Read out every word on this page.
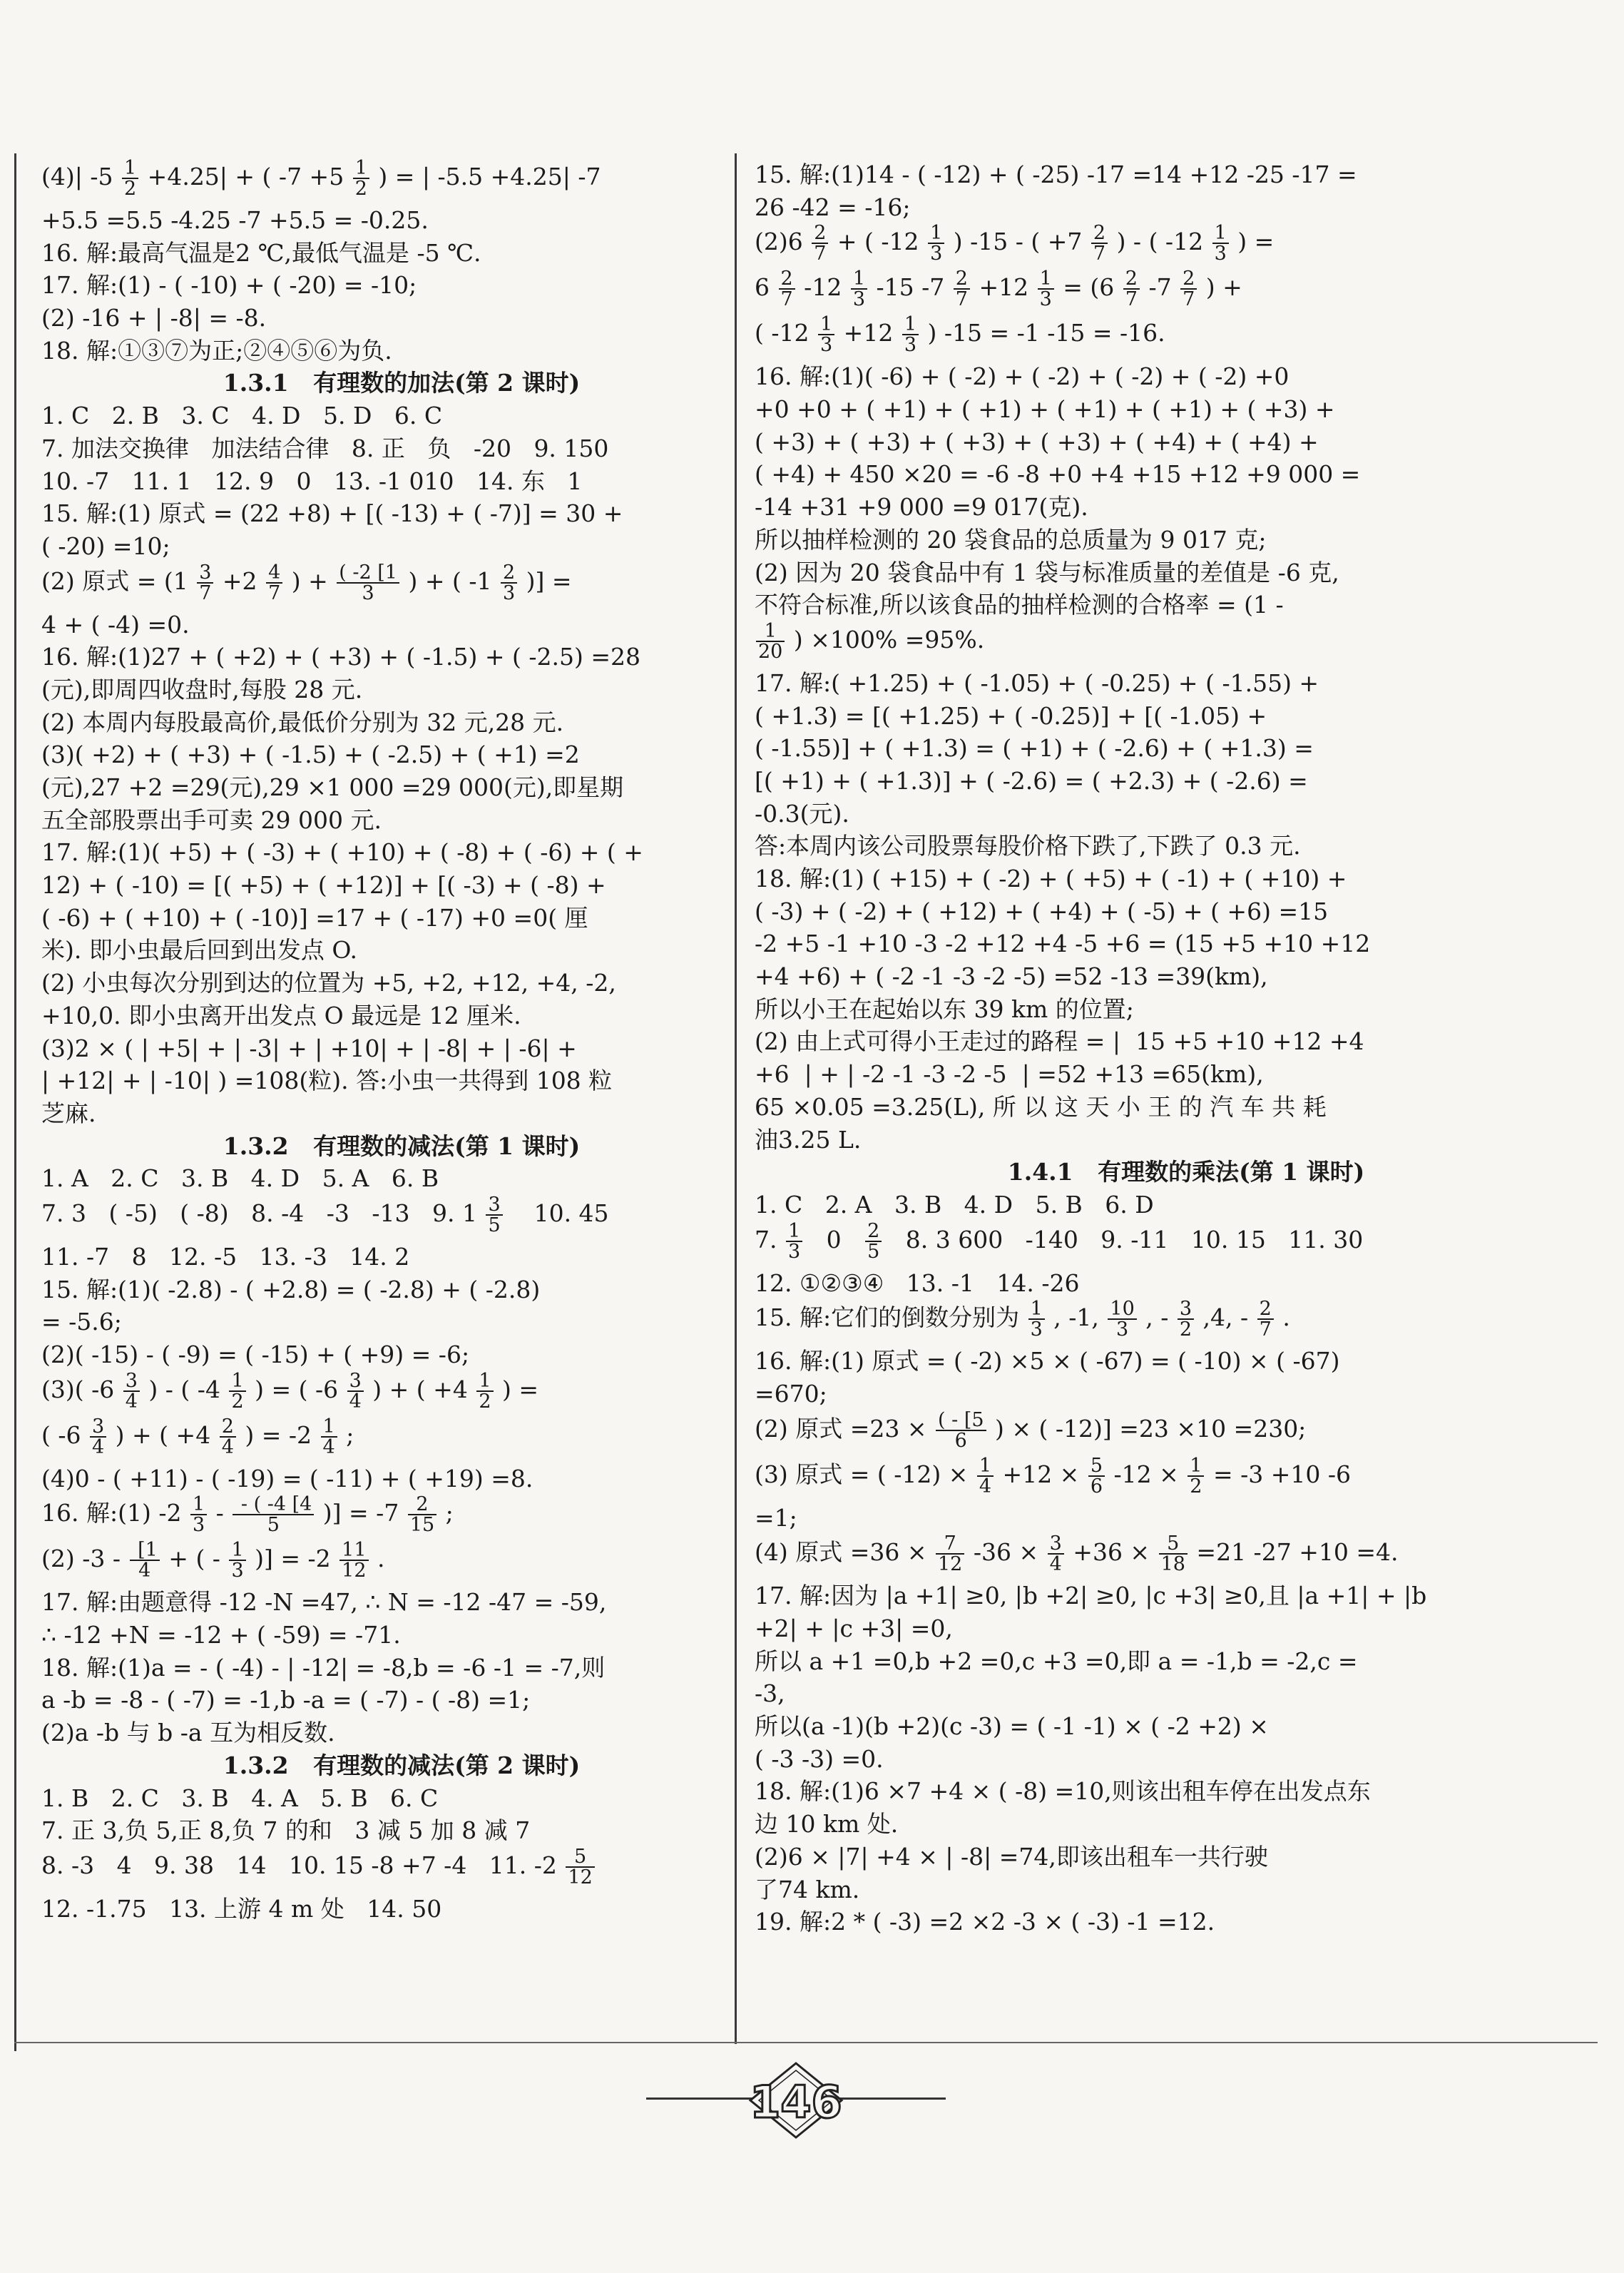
(4)| $-5 \frac{1}{2} +4.25|$ + ( $-7 +5 \frac{1}{2}$ ) = | -5.5 +4.25| -7
+5.5 =5.5 -4.25 -7 +5.5 = -0.25.
16. 解:最高气温是2 ℃,最低气温是 -5 ℃.
17. 解:(1) - ( -10) + ( -20) = -10;
(2) -16 + | -8| = -8.
18. 解:①③⑦为正;②④⑤⑥为负.
1.3.1   有理数的加法(第 2 课时)
1. C   2. B   3. C   4. D   5. D   6. C
7. 加法交换律   加法结合律   8. 正   负   -20   9. 150
10. -7   11. 1   12. 9   0   13. -1 010   14. 东   1
15. 解:(1) 原式 = (22 +8) + [( -13) + ( -7)] = 30 +
( -20) =10;
(2) 原式 = ($1 \frac{3}{7} +2 \frac{4}{7}$ ) + $\frac{( -2 [1}{3}$ ) + ( $-1 \frac{2}{3}$ )] =
4 + ( -4) =0.
16. 解:(1)27 + ( +2) + ( +3) + ( -1.5) + ( -2.5) =28
(元),即周四收盘时,每股 28 元.
(2) 本周内每股最高价,最低价分别为 32 元,28 元.
(3)( +2) + ( +3) + ( -1.5) + ( -2.5) + ( +1) =2
(元),27 +2 =29(元),29 ×1 000 =29 000(元),即星期
五全部股票出手可卖 29 000 元.
17. 解:(1)( +5) + ( -3) + ( +10) + ( -8) + ( -6) + ( +
12) + ( -10) = [( +5) + ( +12)] + [( -3) + ( -8) +
( -6) + ( +10) + ( -10)] =17 + ( -17) +0 =0( 厘
米). 即小虫最后回到出发点 O.
(2) 小虫每次分别到达的位置为 +5, +2, +12, +4, -2,
+10,0. 即小虫离开出发点 O 最远是 12 厘米.
(3)2 × ( | +5| + | -3| + | +10| + | -8| + | -6| +
| +12| + | -10| ) =108(粒). 答:小虫一共得到 108 粒
芝麻.
1.3.2   有理数的减法(第 1 课时)
1. A   2. C   3. B   4. D   5. A   6. B
7. 3   ( -5)   ( -8)   8. -4   -3   -13   9. $1 \frac{3}{5} 10$. 45
11. -7   8   12. -5   13. -3   14. 2
15. 解:(1)( -2.8) - ( +2.8) = ( -2.8) + ( -2.8)
= -5.6;
(2)( -15) - ( -9) = ( -15) + ( +9) = -6;
(3)( $-6 \frac{3}{4}$ ) - ( $-4 \frac{1}{2}$ ) = ( $-6 \frac{3}{4}$ ) + ( $+4 \frac{1}{2}$ ) =
( $-6 \frac{3}{4}$ ) + ( $+4 \frac{2}{4}$ ) = $-2 \frac{1}{4}$ ;
(4)0 - ( +11) - ( -19) = ( -11) + ( +19) =8.
16. 解:(1) $-2 \frac{1}{3} - \frac{- ( -4 [4}{5}$ )] = $-7 \frac{2}{15}$ ;
(2) $-3 - \frac{[1}{4}$ + ( - $\frac{1}{3}$ )] = $-2 \frac{11}{12}$ .
17. 解:由题意得 -12 -N =47, ∴ N = -12 -47 = -59,
∴ -12 +N = -12 + ( -59) = -71.
18. 解:(1)a = - ( -4) - | -12| = -8,b = -6 -1 = -7,则
a -b = -8 - ( -7) = -1,b -a = ( -7) - ( -8) =1;
(2)a -b 与 b -a 互为相反数.
1.3.2   有理数的减法(第 2 课时)
1. B   2. C   3. B   4. A   5. B   6. C
7. 正 3,负 5,正 8,负 7 的和   3 减 5 加 8 减 7
8. -3   4   9. 38   14   10. 15 -8 +7 -4   11. $-2 \frac{5}{12}$
12. -1.75   13. 上游 4 m 处   14. 50
15. 解:(1)14 - ( -12) + ( -25) -17 =14 +12 -25 -17 =
26 -42 = -16;
$(2)6 \frac{2}{7}$ + ( $-12 \frac{1}{3}$ ) -15 - ( $+7 \frac{2}{7}$ ) - ( $-12 \frac{1}{3}$ ) =
$6 \frac{2}{7} -12 \frac{1}{3} -15$ $-7 \frac{2}{7} +12 \frac{1}{3} = (6 \frac{2}{7} -7 \frac{2}{7}$ ) +
( $-12 \frac{1}{3} +12 \frac{1}{3}$ ) -15 = -1 -15 = -16.
16. 解:(1)( -6) + ( -2) + ( -2) + ( -2) + ( -2) +0
+0 +0 + ( +1) + ( +1) + ( +1) + ( +1) + ( +3) +
( +3) + ( +3) + ( +3) + ( +3) + ( +4) + ( +4) +
( +4) + 450 ×20 = -6 -8 +0 +4 +15 +12 +9 000 =
-14 +31 +9 000 =9 017(克).
所以抽样检测的 20 袋食品的总质量为 9 017 克;
(2) 因为 20 袋食品中有 1 袋与标准质量的差值是 -6 克,
不符合标准,所以该食品的抽样检测的合格率 = (1 -
$\frac{1}{20}$ ) ×100% =95%.
17. 解:( +1.25) + ( -1.05) + ( -0.25) + ( -1.55) +
( +1.3) = [( +1.25) + ( -0.25)] + [( -1.05) +
( -1.55)] + ( +1.3) = ( +1) + ( -2.6) + ( +1.3) =
[( +1) + ( +1.3)] + ( -2.6) = ( +2.3) + ( -2.6) =
-0.3(元).
答:本周内该公司股票每股价格下跌了,下跌了 0.3 元.
18. 解:(1) ( +15) + ( -2) + ( +5) + ( -1) + ( +10) +
( -3) + ( -2) + ( +12) + ( +4) + ( -5) + ( +6) =15
-2 +5 -1 +10 -3 -2 +12 +4 -5 +6 = (15 +5 +10 +12
+4 +6) + ( -2 -1 -3 -2 -5) =52 -13 =39(km),
所以小王在起始以东 39 km 的位置;
(2) 由上式可得小王走过的路程 = |  15 +5 +10 +12 +4
+6  | + | -2 -1 -3 -2 -5  | =52 +13 =65(km),
65 ×0.05 =3.25(L), 所 以 这 天 小 王 的 汽 车 共 耗
油3.25 L.
1.4.1   有理数的乘法(第 1 课时)
1. C   2. A   3. B   4. D   5. B   6. D
7. $\frac{1}{3} 0 \frac{2}{5} 8$. 3 600   -140   9. -11   10. 15   11. 30
12. ①②③④   13. -1   14. -26
15. 解:它们的倒数分别为 $\frac{1}{3}$ , -1, $\frac{10}{3}$ , - $\frac{3}{2} ,4$, - $\frac{2}{7}$ .
16. 解:(1) 原式 = ( -2) ×5 × ( -67) = ( -10) × ( -67)
=670;
(2) 原式 $=23 \times \frac{( - [5}{6}$ ) × ( -12)] =23 ×10 =230;
(3) 原式 = ( $-12) \times \frac{1}{4} +12 \times \frac{5}{6} -12 \times \frac{1}{2} = -3 +10$ -6
=1;
(4) 原式 $=36 \times \frac{7}{12} -36 \times \frac{3}{4} +36 \times \frac{5}{18} =21$ -27 +10 =4.
17. 解:因为 |a +1| ≥0, |b +2| ≥0, |c +3| ≥0,且 |a +1| + |b
+2| + |c +3| =0,
所以 a +1 =0,b +2 =0,c +3 =0,即 a = -1,b = -2,c =
-3,
所以(a -1)(b +2)(c -3) = ( -1 -1) × ( -2 +2) ×
( -3 -3) =0.
18. 解:(1)6 ×7 +4 × ( -8) =10,则该出租车停在出发点东
边 10 km 处.
(2)6 × |7| +4 × | -8| =74,即该出租车一共行驶
了74 km.
19. 解:2 * ( -3) =2 ×2 -3 × ( -3) -1 =12.
146
